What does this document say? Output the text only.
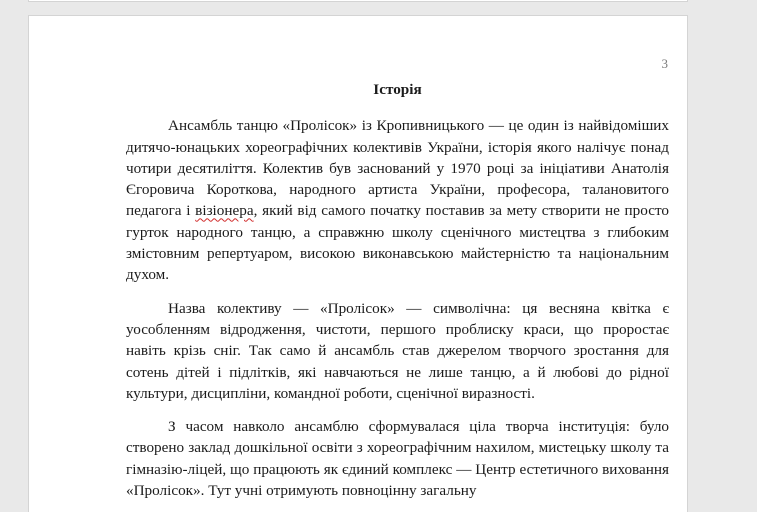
3

Історія

Ансамбль танцю «Пролісок» із Кропивницького — це один із найвідоміших дитячо-юнацьких хореографічних колективів України, історія якого налічує понад чотири десятиліття. Колектив був заснований у 1970 році за ініціативи Анатолія Єгоровича Короткова, народного артиста України, професора, талановитого педагога і візіонера, який від самого початку поставив за мету створити не просто гурток народного танцю, а справжню школу сценічного мистецтва з глибоким змістовним репертуаром, високою виконавською майстерністю та національним духом.

Назва колективу — «Пролісок» — символічна: ця весняна квітка є уособленням відродження, чистоти, першого проблиску краси, що проростає навіть крізь сніг. Так само й ансамбль став джерелом творчого зростання для сотень дітей і підлітків, які навчаються не лише танцю, а й любові до рідної культури, дисципліни, командної роботи, сценічної виразності.

З часом навколо ансамблю сформувалася ціла творча інституція: було створено заклад дошкільної освіти з хореографічним нахилом, мистецьку школу та гімназію-ліцей, що працюють як єдиний комплекс — Центр естетичного виховання «Пролісок». Тут учні отримують повноцінну загальну
